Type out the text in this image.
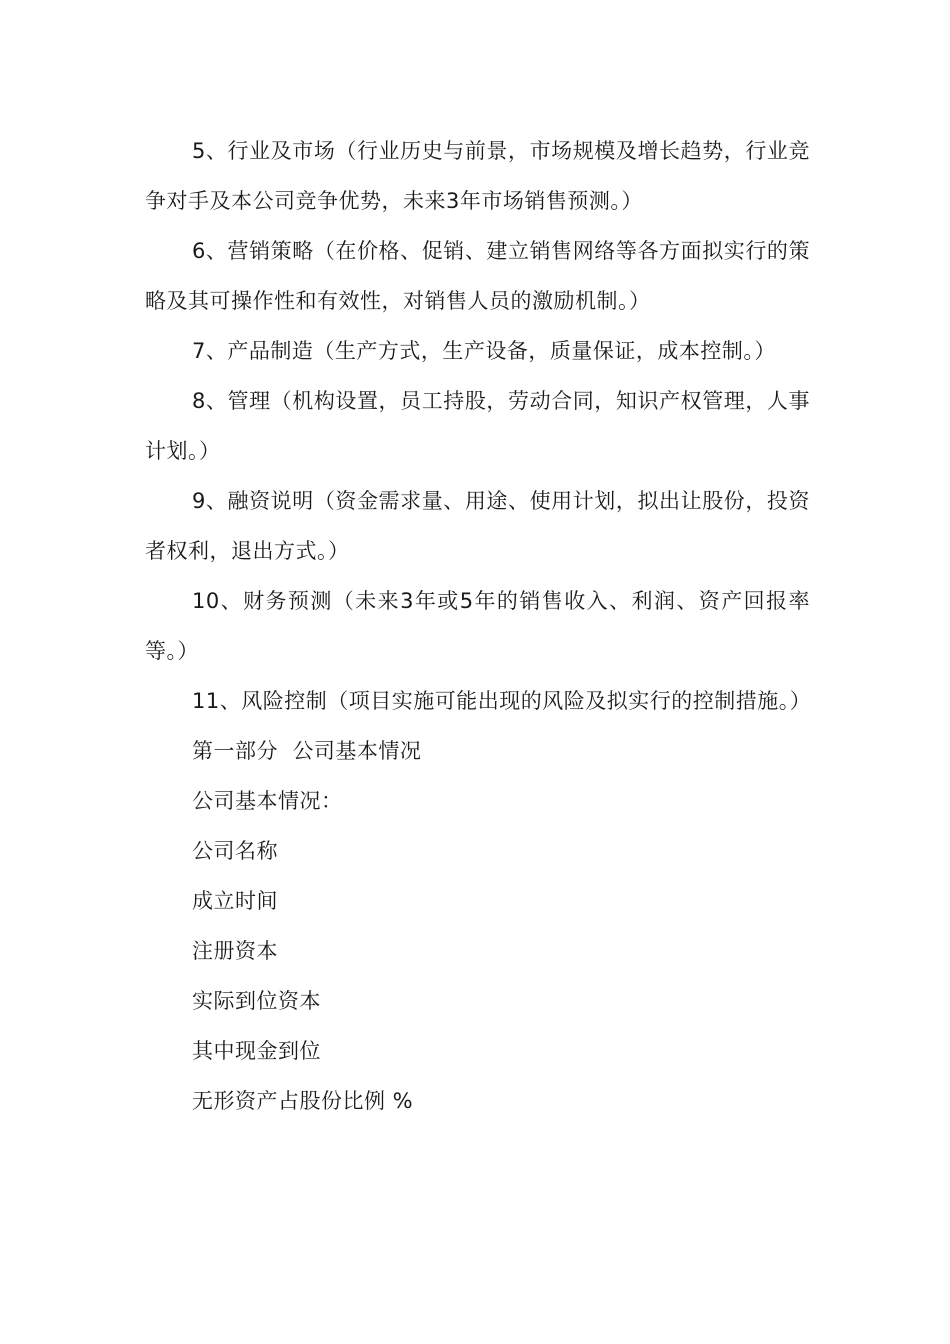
5、行业及市场（行业历史与前景，市场规模及增长趋势，行业竞争对手及本公司竞争优势，未来3年市场销售预测。）

6、营销策略（在价格、促销、建立销售网络等各方面拟实行的策略及其可操作性和有效性，对销售人员的激励机制。）

7、产品制造（生产方式，生产设备，质量保证，成本控制。）

8、管理（机构设置，员工持股，劳动合同，知识产权管理，人事计划。）

9、融资说明（资金需求量、用途、使用计划，拟出让股份，投资者权利，退出方式。）

10、财务预测（未来3年或5年的销售收入、利润、资产回报率等。）

11、风险控制（项目实施可能出现的风险及拟实行的控制措施。）

第一部分  公司基本情况

公司基本情况：

公司名称

成立时间

注册资本

实际到位资本

其中现金到位

无形资产占股份比例 %
